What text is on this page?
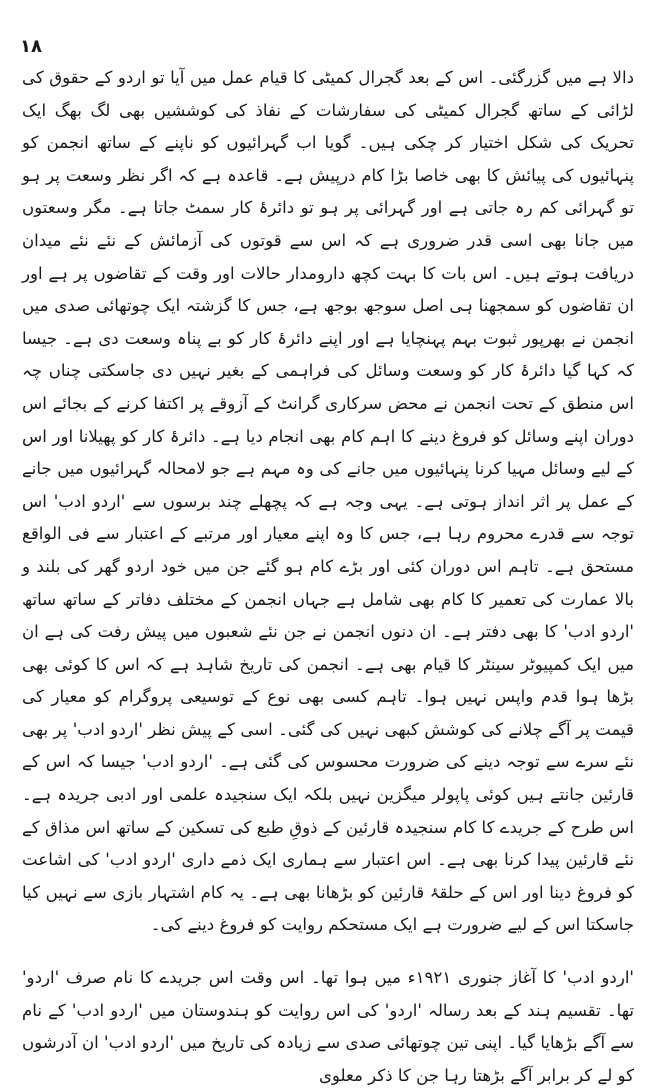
۱۸

دالا ہے میں گزرگئی۔ اس کے بعد گجرال کمیٹی کا قیام عمل میں آیا تو اردو کے حقوق کی لڑائی کے ساتھ گجرال کمیٹی کی سفارشات کے نفاذ کی کوششیں بھی لگ بھگ ایک تحریک کی شکل اختیار کر چکی ہیں۔ گویا اب گہرائیوں کو ناپنے کے ساتھ انجمن کو پنہائیوں کی پیائش کا بھی خاصا بڑا کام درپیش ہے۔ قاعدہ ہے کہ اگر نظر وسعت پر ہو تو گہرائی کم رہ جاتی ہے اور گہرائی پر ہو تو دائرۂ کار سمٹ جاتا ہے۔ مگر وسعتوں میں جانا بھی اسی قدر ضروری ہے کہ اس سے قوتوں کی آزمائش کے نئے نئے میدان دریافت ہوتے ہیں۔ اس بات کا بہت کچھ دارومدار حالات اور وقت کے تقاضوں پر ہے اور ان تقاضوں کو سمجھنا ہی اصل سوجھ بوجھ ہے، جس کا گزشتہ ایک چوتھائی صدی میں انجمن نے بھرپور ثبوت بہم پہنچایا ہے اور اپنے دائرۂ کار کو بے پناہ وسعت دی ہے۔ جیسا کہ کہا گیا دائرۂ کار کو وسعت وسائل کی فراہمی کے بغیر نہیں دی جاسکتی چناں چہ اس منطق کے تحت انجمن نے محض سرکاری گرانٹ کے آزوقے پر اکتفا کرنے کے بجائے اس دوران اپنے وسائل کو فروغ دینے کا اہم کام بھی انجام دیا ہے۔ دائرۂ کار کو پھیلانا اور اس کے لیے وسائل مہیا کرنا پنہائیوں میں جانے کی وہ مہم ہے جو لامحالہ گہرائیوں میں جانے کے عمل پر اثر انداز ہوتی ہے۔ یہی وجہ ہے کہ پچھلے چند برسوں سے 'اردو ادب' اس توجہ سے قدرے محروم رہا ہے، جس کا وہ اپنے معیار اور مرتبے کے اعتبار سے فی الواقع مستحق ہے۔ تاہم اس دوران کئی اور بڑے کام ہو گئے جن میں خود اردو گھر کی بلند و بالا عمارت کی تعمیر کا کام بھی شامل ہے جہاں انجمن کے مختلف دفاتر کے ساتھ ساتھ 'اردو ادب' کا بھی دفتر ہے۔ ان دنوں انجمن نے جن نئے شعبوں میں پیش رفت کی ہے ان میں ایک کمپیوٹر سینٹر کا قیام بھی ہے۔ انجمن کی تاریخ شاہد ہے کہ اس کا کوئی بھی بڑھا ہوا قدم واپس نہیں ہوا۔ تاہم کسی بھی نوع کے توسیعی پروگرام کو معیار کی قیمت پر آگے چلانے کی کوشش کبھی نہیں کی گئی۔ اسی کے پیش نظر 'اردو ادب' پر بھی نئے سرے سے توجہ دینے کی ضرورت محسوس کی گئی ہے۔ 'اردو ادب' جیسا کہ اس کے قارئین جانتے ہیں کوئی پاپولر میگزین نہیں بلکہ ایک سنجیدہ علمی اور ادبی جریدہ ہے۔ اس طرح کے جریدے کا کام سنجیدہ قارئین کے ذوقِ طبع کی تسکین کے ساتھ اس مذاق کے نئے قارئین پیدا کرنا بھی ہے۔ اس اعتبار سے ہماری ایک ذمے داری 'اردو ادب' کی اشاعت کو فروغ دینا اور اس کے حلقۂ قارئین کو بڑھانا بھی ہے۔ یہ کام اشتہار بازی سے نہیں کیا جاسکتا اس کے لیے ضرورت ہے ایک مستحکم روایت کو فروغ دینے کی۔

'اردو ادب' کا آغاز جنوری ۱۹۲۱ء میں ہوا تھا۔ اس وقت اس جریدے کا نام صرف 'اردو' تھا۔ تقسیم ہند کے بعد رسالہ 'اردو' کی اس روایت کو ہندوستان میں 'اردو ادب' کے نام سے آگے بڑھایا گیا۔ اپنی تین چوتھائی صدی سے زیادہ کی تاریخ میں 'اردو ادب' ان آدرشوں کو لے کر برابر آگے بڑھتا رہا جن کا ذکر معلوی
